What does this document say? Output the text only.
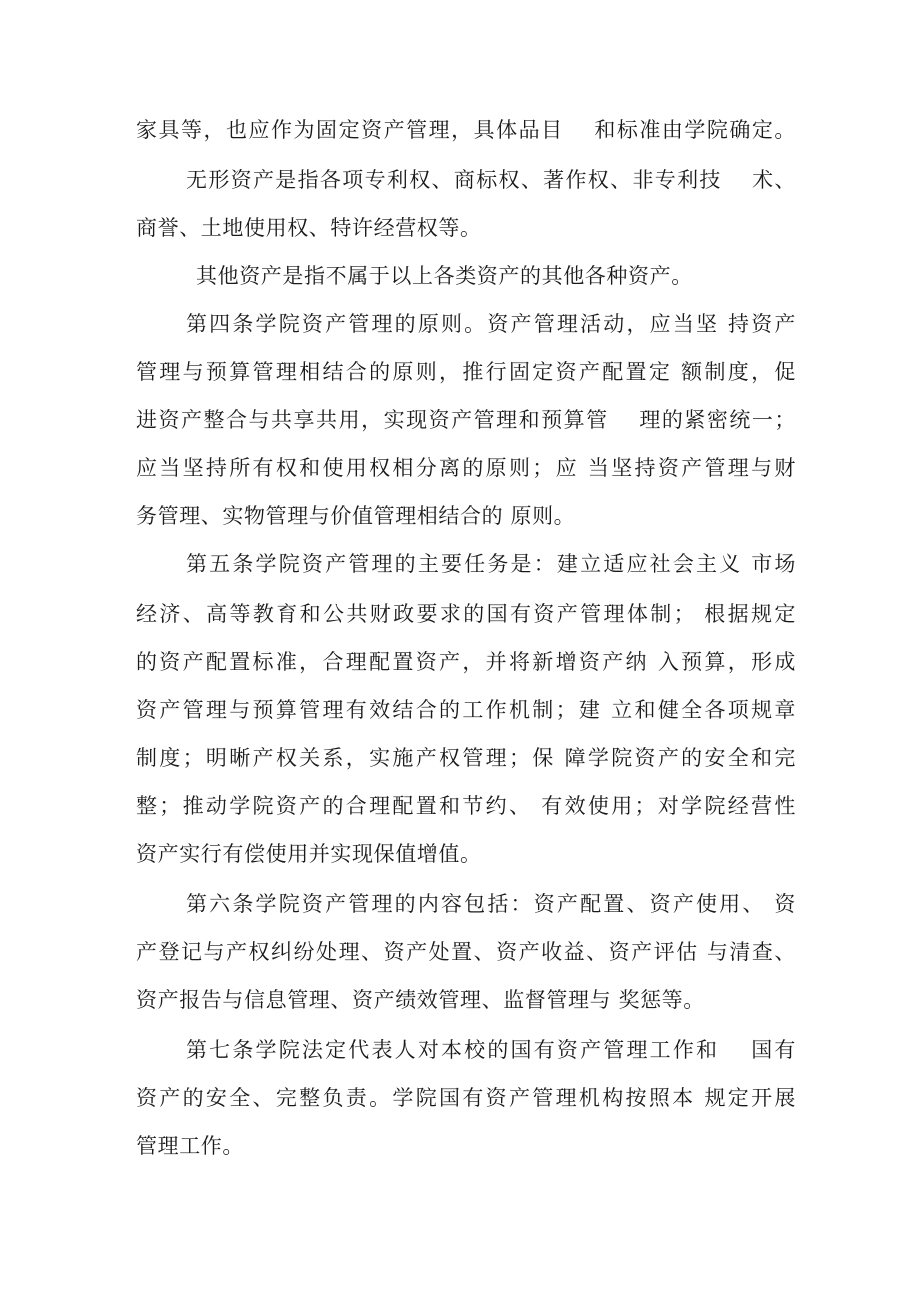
家具等，也应作为固定资产管理，具体品目　 和标准由学院确定。

无形资产是指各项专利权、商标权、著作权、非专利技　 术、

商誉、土地使用权、特许经营权等。

其他资产是指不属于以上各类资产的其他各种资产。

第四条学院资产管理的原则。资产管理活动，应当坚 持资产

管理与预算管理相结合的原则，推行固定资产配置定 额制度，促

进资产整合与共享共用，实现资产管理和预算管　 理的紧密统一；

应当坚持所有权和使用权相分离的原则；应 当坚持资产管理与财

务管理、实物管理与价值管理相结合的 原则。

第五条学院资产管理的主要任务是：建立适应社会主义 市场

经济、高等教育和公共财政要求的国有资产管理体制； 根据规定

的资产配置标准，合理配置资产，并将新增资产纳 入预算，形成

资产管理与预算管理有效结合的工作机制；建 立和健全各项规章

制度；明晰产权关系，实施产权管理；保 障学院资产的安全和完

整；推动学院资产的合理配置和节约、 有效使用；对学院经营性

资产实行有偿使用并实现保值增值。

第六条学院资产管理的内容包括：资产配置、资产使用、 资

产登记与产权纠纷处理、资产处置、资产收益、资产评估 与清查、

资产报告与信息管理、资产绩效管理、监督管理与 奖惩等。

第七条学院法定代表人对本校的国有资产管理工作和　 国有

资产的安全、完整负责。学院国有资产管理机构按照本 规定开展

管理工作。
